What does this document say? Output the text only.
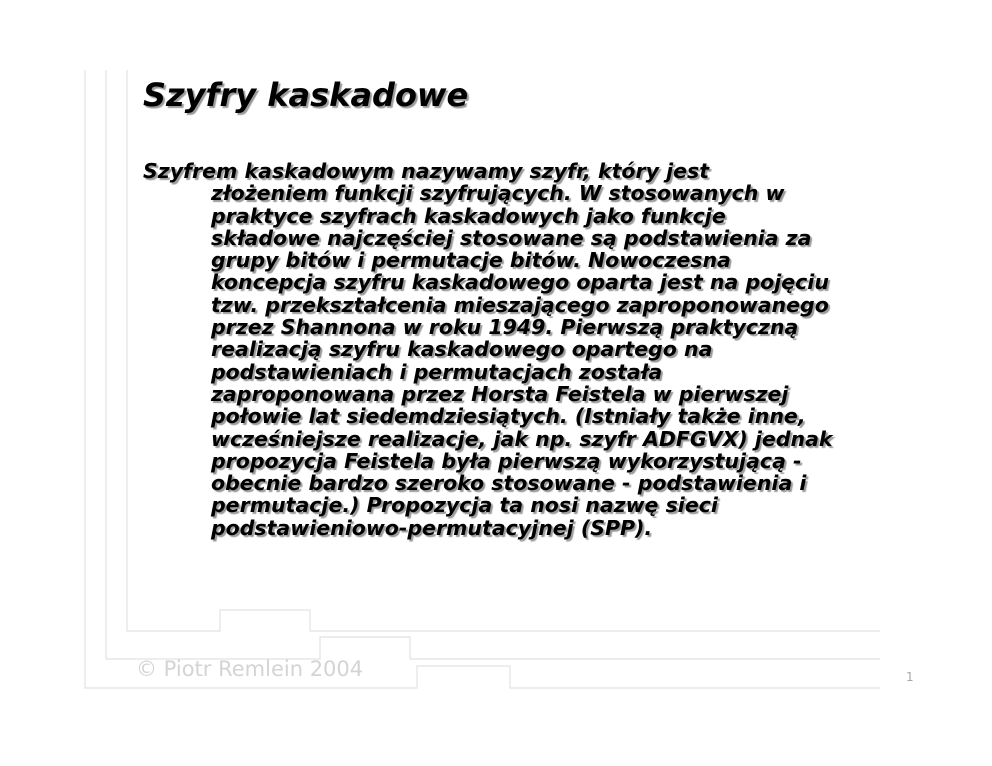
Szyfry kaskadowe
Szyfrem kaskadowym nazywamy szyfr, który jest
złożeniem funkcji szyfrujących. W stosowanych w
praktyce szyfrach kaskadowych jako funkcje
składowe najczęściej stosowane są podstawienia za
grupy bitów i permutacje bitów. Nowoczesna
koncepcja szyfru kaskadowego oparta jest na pojęciu
tzw. przekształcenia mieszającego zaproponowanego
przez Shannona w roku 1949. Pierwszą praktyczną
realizacją szyfru kaskadowego opartego na
podstawieniach i permutacjach została
zaproponowana przez Horsta Feistela w pierwszej
połowie lat siedemdziesiątych. (Istniały także inne,
wcześniejsze realizacje, jak np. szyfr ADFGVX) jednak
propozycja Feistela była pierwszą wykorzystującą -
obecnie bardzo szeroko stosowane - podstawienia i
permutacje.) Propozycja ta nosi nazwę sieci
podstawieniowo-permutacyjnej (SPP).
© Piotr Remlein 2004	1
